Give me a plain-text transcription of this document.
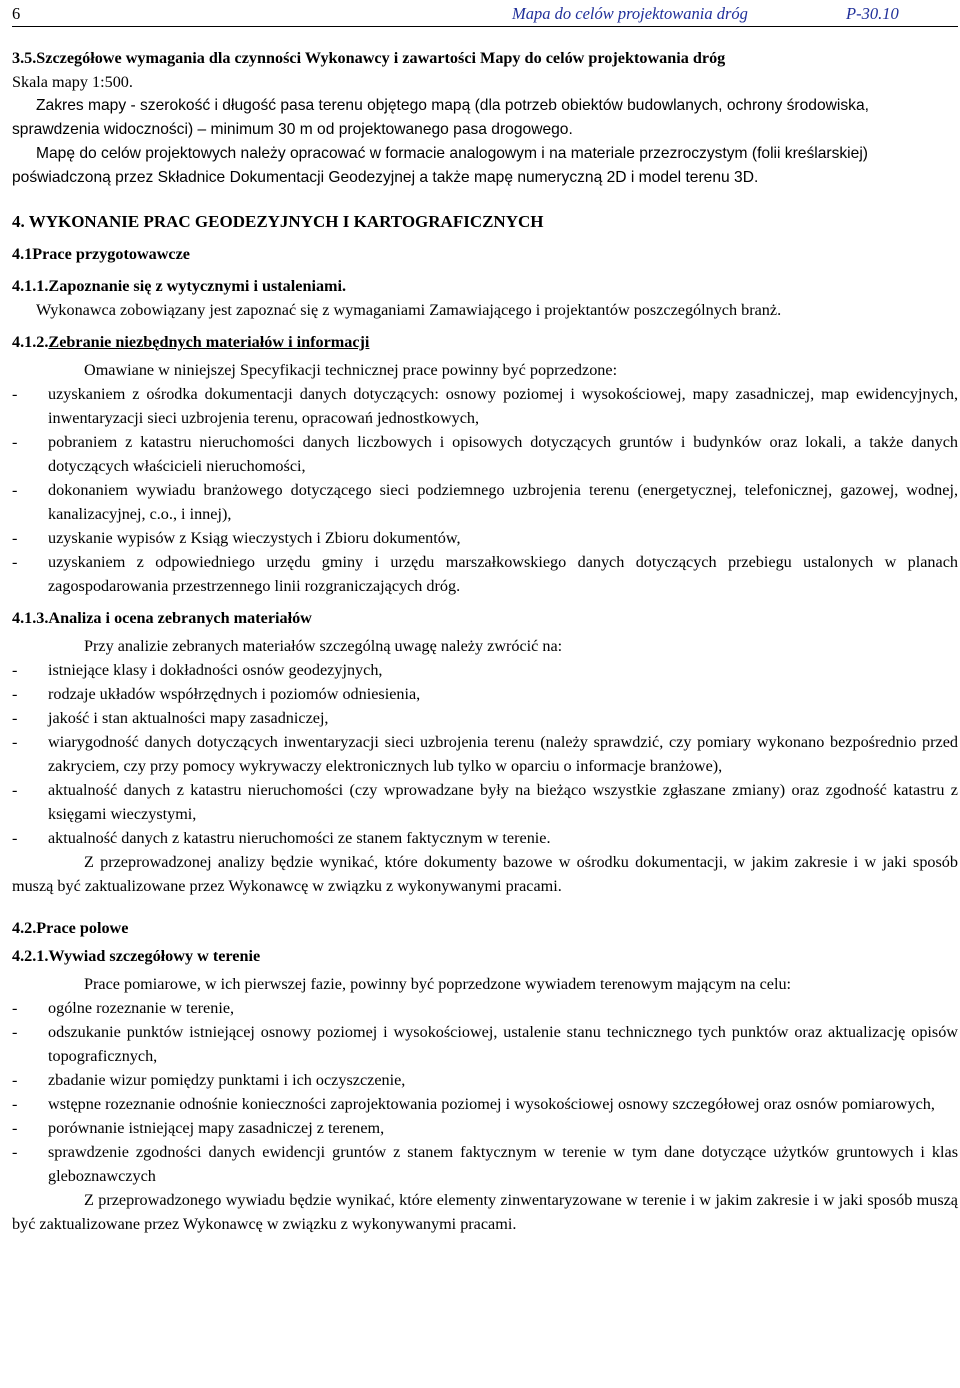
6	Mapa do celów projektowania dróg	P-30.10

3.5.Szczegółowe wymagania dla czynności Wykonawcy i zawartości Mapy do celów projektowania dróg

Skala mapy 1:500.

Zakres mapy - szerokość i długość pasa terenu objętego mapą (dla potrzeb obiektów budowlanych, ochrony środowiska, sprawdzenia widoczności) – minimum 30 m od projektowanego pasa drogowego.

Mapę do celów projektowych należy opracować w formacie analogowym i na materiale przezroczystym (folii kreślarskiej) poświadczoną przez Składnice Dokumentacji Geodezyjnej a także mapę numeryczną 2D i model terenu 3D.

4. WYKONANIE PRAC GEODEZYJNYCH I KARTOGRAFICZNYCH

4.1Prace przygotowawcze

4.1.1.Zapoznanie się z wytycznymi i ustaleniami.

Wykonawca zobowiązany jest zapoznać się z wymaganiami Zamawiającego i projektantów poszczególnych branż.

4.1.2.Zebranie niezbędnych materiałów i informacji

Omawiane w niniejszej Specyfikacji technicznej prace powinny być poprzedzone:

- uzyskaniem z ośrodka dokumentacji danych dotyczących: osnowy poziomej i wysokościowej, mapy zasadniczej, map ewidencyjnych, inwentaryzacji sieci uzbrojenia terenu, opracowań jednostkowych,
- pobraniem z katastru nieruchomości danych liczbowych i opisowych dotyczących gruntów i budynków oraz lokali, a także danych dotyczących właścicieli nieruchomości,
- dokonaniem wywiadu branżowego dotyczącego sieci podziemnego uzbrojenia terenu (energetycznej, telefonicznej, gazowej, wodnej, kanalizacyjnej, c.o., i innej),
- uzyskanie wypisów z Ksiąg wieczystych i Zbioru dokumentów,
- uzyskaniem z odpowiedniego urzędu gminy i urzędu marszałkowskiego danych dotyczących przebiegu ustalonych w planach zagospodarowania przestrzennego linii rozgraniczających dróg.

4.1.3.Analiza i ocena zebranych materiałów

Przy analizie zebranych materiałów szczególną uwagę należy zwrócić na:

- istniejące klasy i dokładności osnów geodezyjnych,
- rodzaje układów współrzędnych i poziomów odniesienia,
- jakość i stan aktualności mapy zasadniczej,
- wiarygodność danych dotyczących inwentaryzacji sieci uzbrojenia terenu (należy sprawdzić, czy pomiary wykonano bezpośrednio przed zakryciem, czy przy pomocy wykrywaczy elektronicznych lub tylko w oparciu o informacje branżowe),
- aktualność danych z katastru nieruchomości (czy wprowadzane były na bieżąco wszystkie zgłaszane zmiany) oraz zgodność katastru z księgami wieczystymi,
- aktualność danych z katastru nieruchomości ze stanem faktycznym w terenie.

Z przeprowadzonej analizy będzie wynikać, które dokumenty bazowe w ośrodku dokumentacji, w jakim zakresie i w jaki sposób muszą być zaktualizowane przez Wykonawcę w związku z wykonywanymi pracami.

4.2.Prace polowe

4.2.1.Wywiad szczegółowy w terenie

Prace pomiarowe, w ich pierwszej fazie, powinny być poprzedzone wywiadem terenowym mającym na celu:

- ogólne rozeznanie w terenie,
- odszukanie punktów istniejącej osnowy poziomej i wysokościowej, ustalenie stanu technicznego tych punktów oraz aktualizację opisów topograficznych,
- zbadanie wizur pomiędzy punktami i ich oczyszczenie,
- wstępne rozeznanie odnośnie konieczności zaprojektowania poziomej i wysokościowej osnowy szczegółowej oraz osnów pomiarowych,
- porównanie istniejącej mapy zasadniczej z terenem,
- sprawdzenie zgodności danych ewidencji gruntów z stanem faktycznym w terenie w tym dane dotyczące użytków gruntowych i klas gleboznawczych

Z przeprowadzonego wywiadu będzie wynikać, które elementy zinwentaryzowane w terenie i w jakim zakresie i w jaki sposób muszą być zaktualizowane przez Wykonawcę w związku z wykonywanymi pracami.
